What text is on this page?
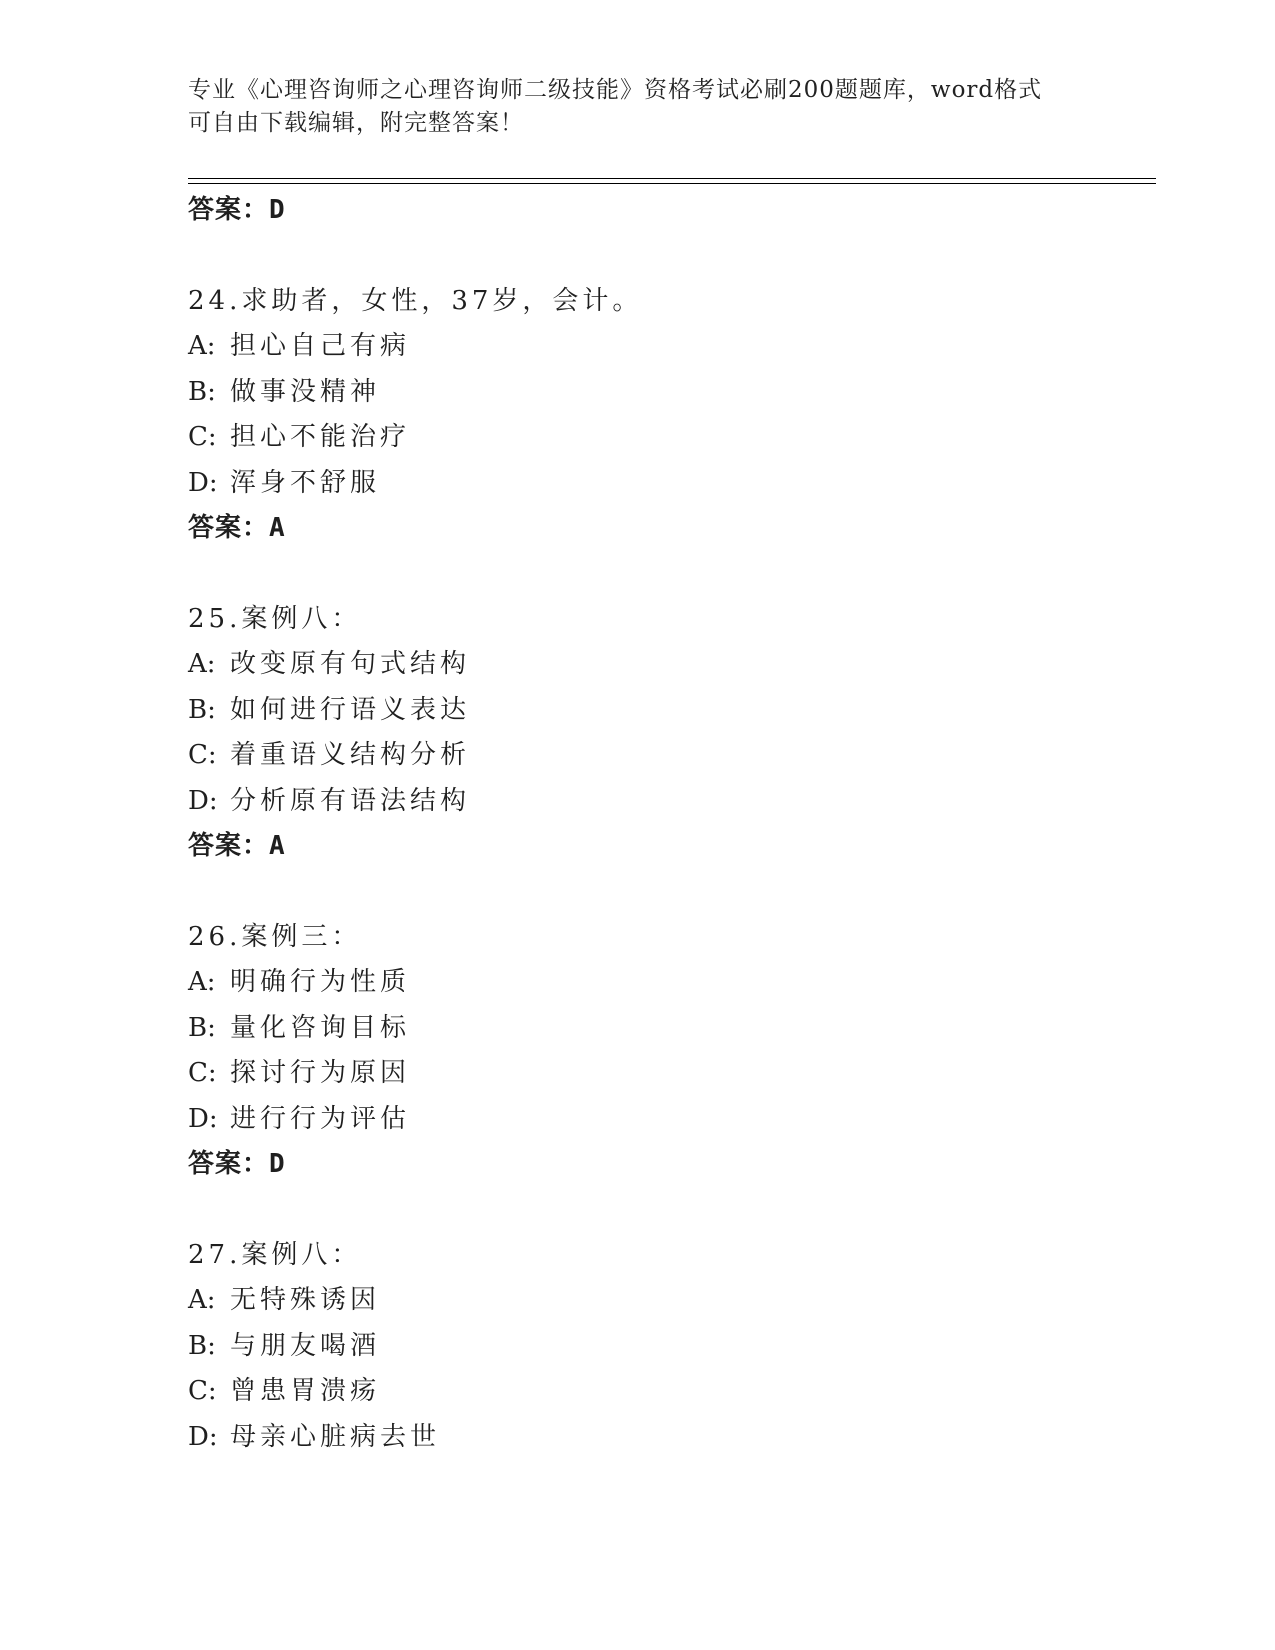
专业《心理咨询师之心理咨询师二级技能》资格考试必刷200题题库，word格式
可自由下载编辑，附完整答案！
答案：D
24.求助者，女性，37岁，会计。
A: 担心自己有病
B: 做事没精神
C: 担心不能治疗
D: 浑身不舒服
答案：A
25.案例八：
A: 改变原有句式结构
B: 如何进行语义表达
C: 着重语义结构分析
D: 分析原有语法结构
答案：A
26.案例三：
A: 明确行为性质
B: 量化咨询目标
C: 探讨行为原因
D: 进行行为评估
答案：D
27.案例八：
A: 无特殊诱因
B: 与朋友喝酒
C: 曾患胃溃疡
D: 母亲心脏病去世
